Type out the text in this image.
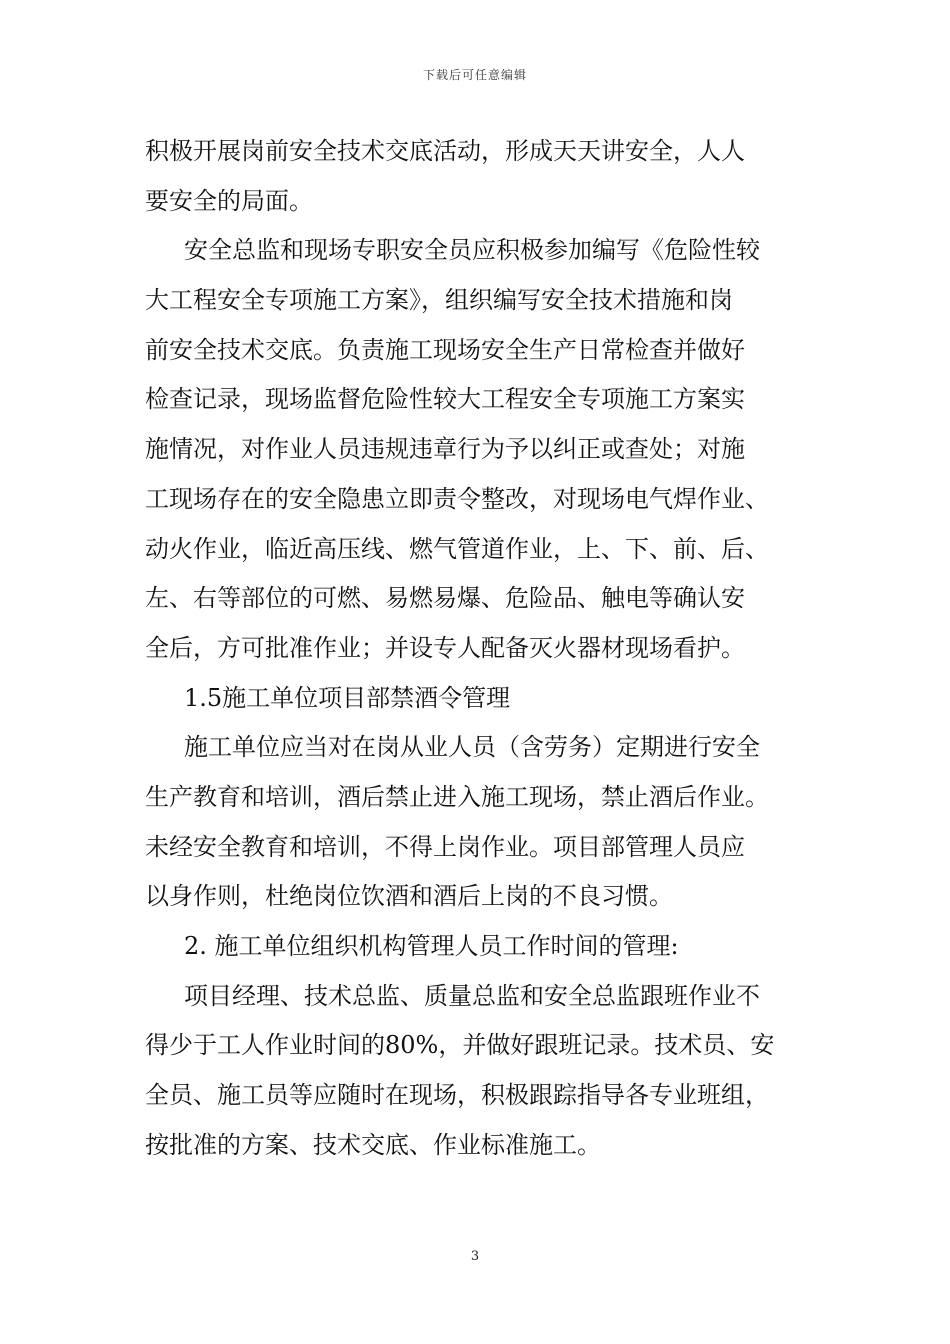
下载后可任意编辑
积极开展岗前安全技术交底活动，形成天天讲安全，人人
要安全的局面。
安全总监和现场专职安全员应积极参加编写《危险性较
大工程安全专项施工方案》，组织编写安全技术措施和岗
前安全技术交底。负责施工现场安全生产日常检查并做好
检查记录，现场监督危险性较大工程安全专项施工方案实
施情况，对作业人员违规违章行为予以纠正或查处；对施
工现场存在的安全隐患立即责令整改，对现场电气焊作业、
动火作业，临近高压线、燃气管道作业，上、下、前、后、
左、右等部位的可燃、易燃易爆、危险品、触电等确认安
全后，方可批准作业；并设专人配备灭火器材现场看护。
1.5施工单位项目部禁酒令管理
施工单位应当对在岗从业人员（含劳务）定期进行安全
生产教育和培训，酒后禁止进入施工现场，禁止酒后作业。
未经安全教育和培训，不得上岗作业。项目部管理人员应
以身作则，杜绝岗位饮酒和酒后上岗的不良习惯。
2. 施工单位组织机构管理人员工作时间的管理:
项目经理、技术总监、质量总监和安全总监跟班作业不
得少于工人作业时间的80%，并做好跟班记录。技术员、安
全员、施工员等应随时在现场，积极跟踪指导各专业班组，
按批准的方案、技术交底、作业标准施工。
3
